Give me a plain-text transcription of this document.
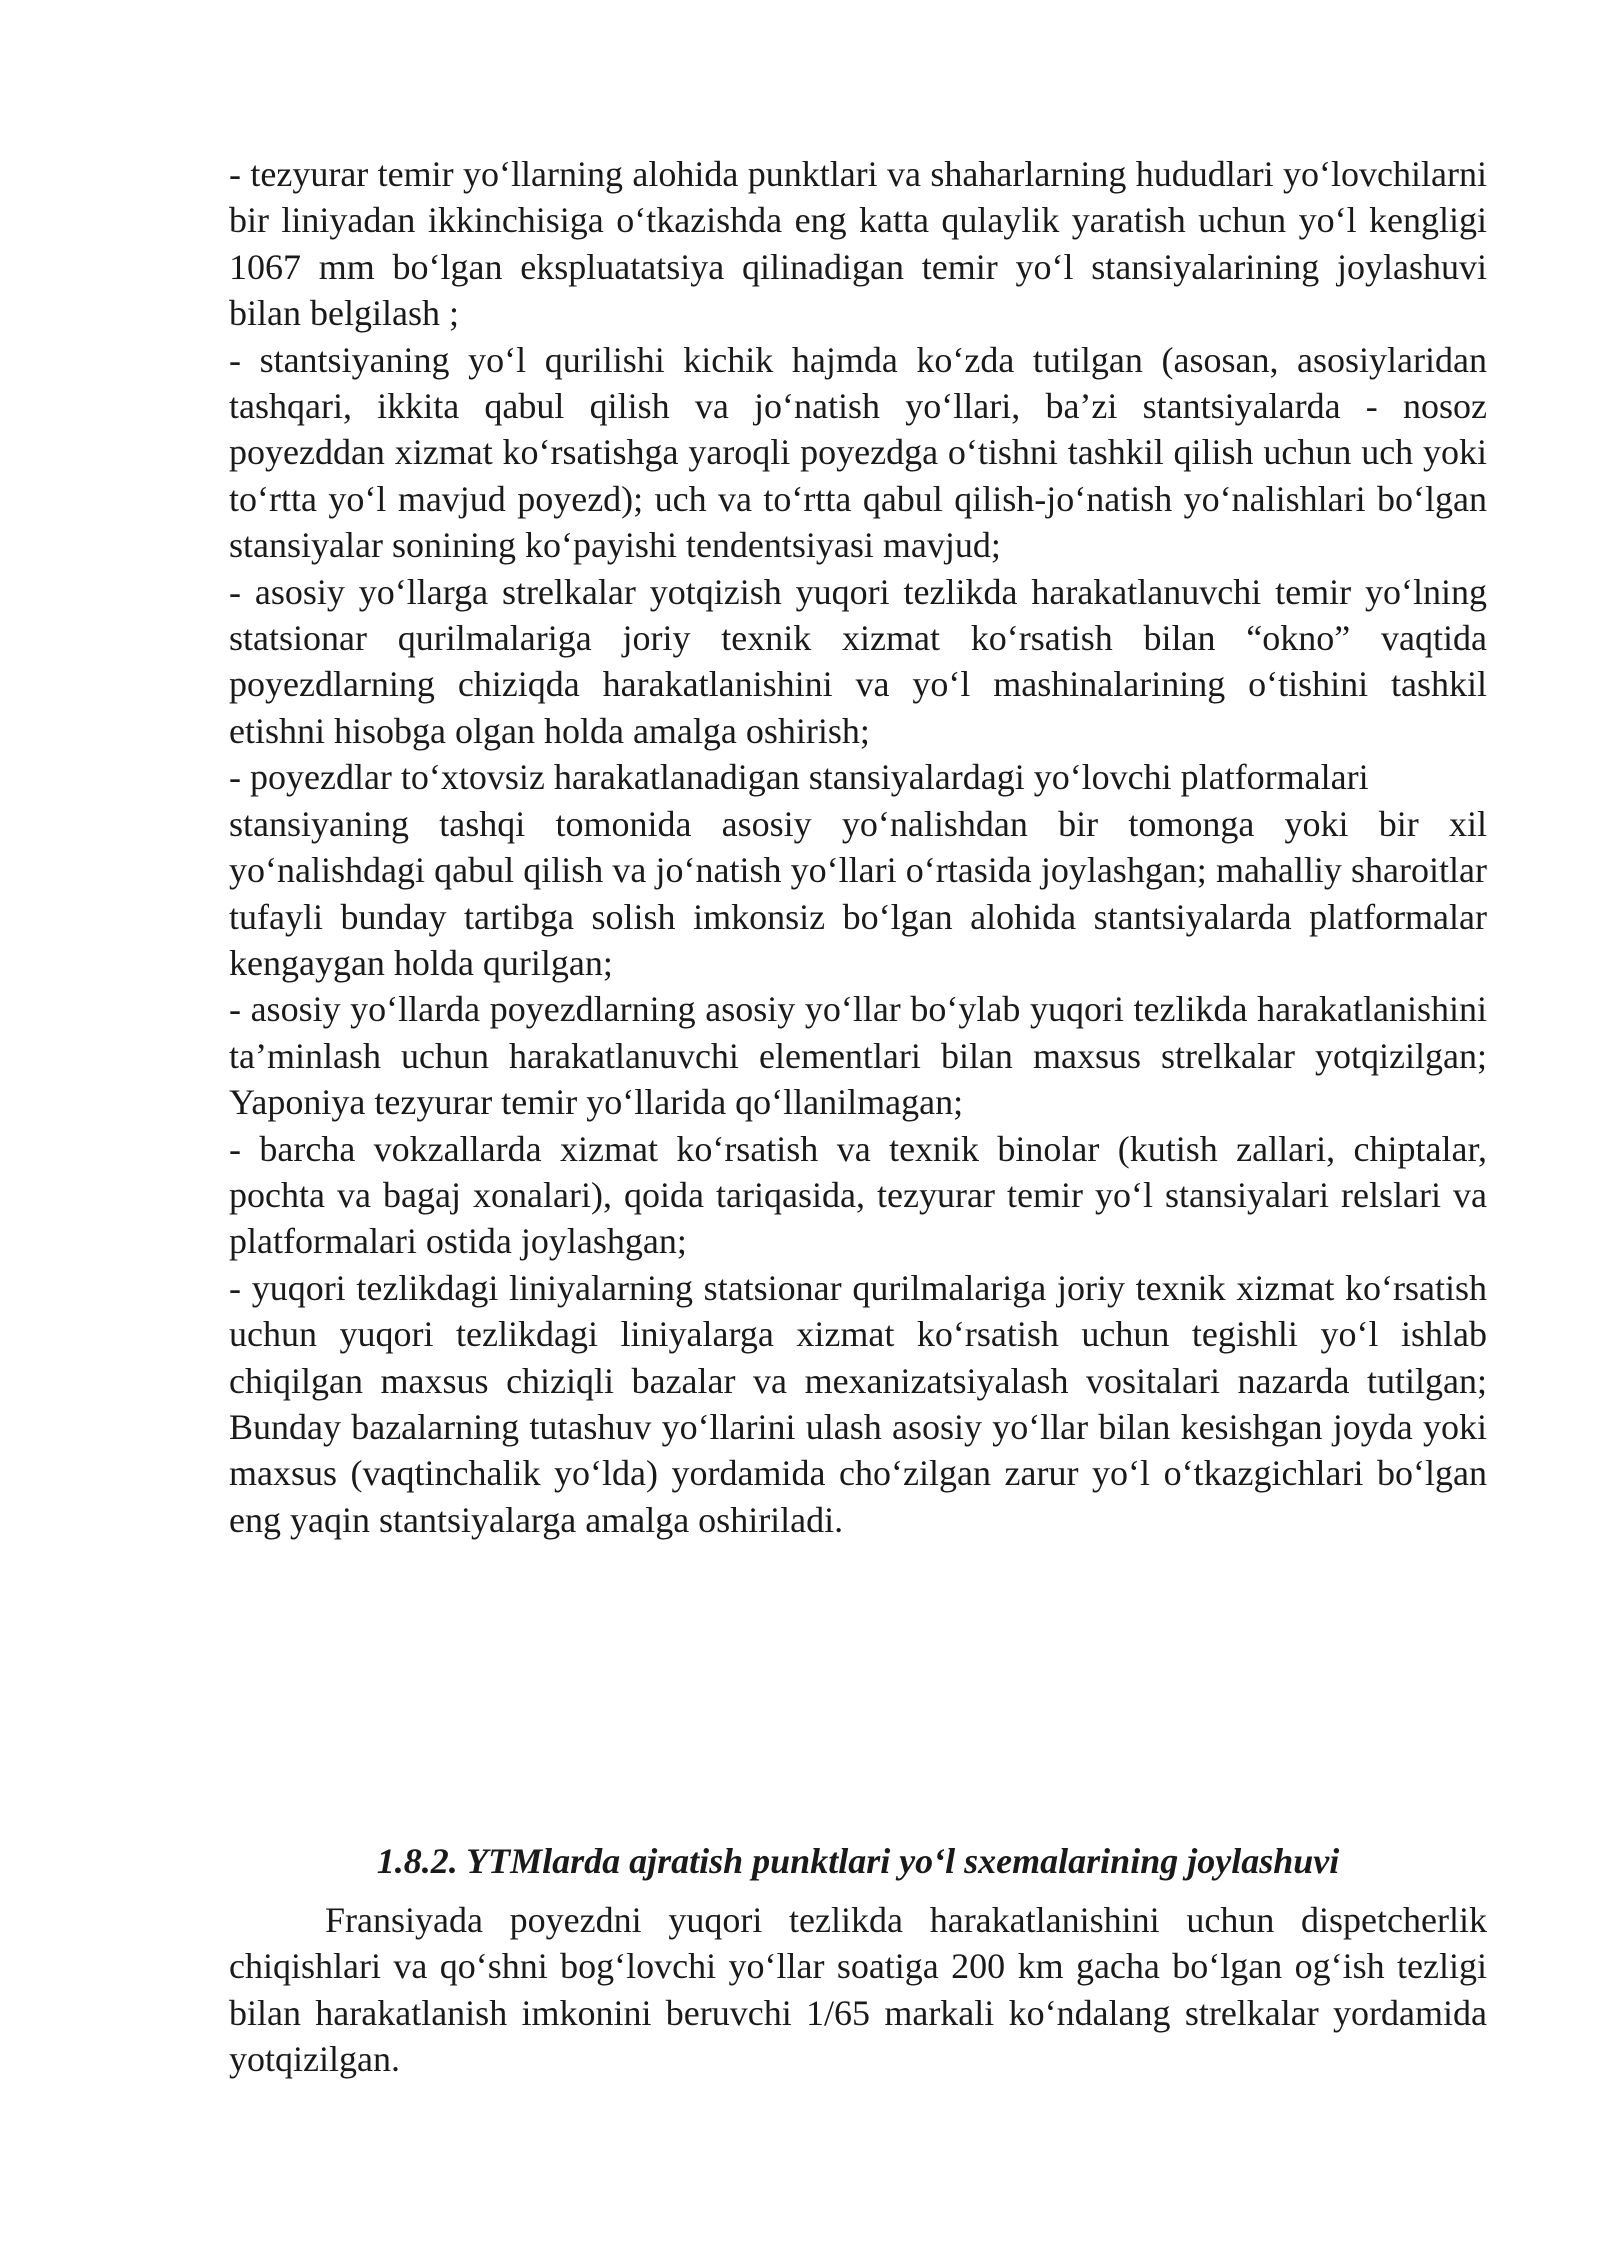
- tezyurar temir yo‘llarning alohida punktlari va shaharlarning hududlari yo‘lovchilarni bir liniyadan ikkinchisiga o‘tkazishda eng katta qulaylik yaratish uchun yo‘l kengligi 1067 mm bo‘lgan ekspluatatsiya qilinadigan temir yo‘l stansiyalarining joylashuvi bilan belgilash ;

- stantsiyaning yo‘l qurilishi kichik hajmda ko‘zda tutilgan (asosan, asosiylaridan tashqari, ikkita qabul qilish va jo‘natish yo‘llari, ba’zi stantsiyalarda - nosoz poyezddan xizmat ko‘rsatishga yaroqli poyezdga o‘tishni tashkil qilish uchun uch yoki to‘rtta yo‘l mavjud poyezd); uch va to‘rtta qabul qilish-jo‘natish yo‘nalishlari bo‘lgan stansiyalar sonining ko‘payishi tendentsiyasi mavjud;

- asosiy yo‘llarga strelkalar yotqizish yuqori tezlikda harakatlanuvchi temir yo‘lning statsionar qurilmalariga joriy texnik xizmat ko‘rsatish bilan “okno” vaqtida poyezdlarning chiziqda harakatlanishini va yo‘l mashinalarining o‘tishini tashkil etishni hisobga olgan holda amalga oshirish;

- poyezdlar to‘xtovsiz harakatlanadigan stansiyalardagi yo‘lovchi platformalari

stansiyaning tashqi tomonida asosiy yo‘nalishdan bir tomonga yoki bir xil yo‘nalishdagi qabul qilish va jo‘natish yo‘llari o‘rtasida joylashgan; mahalliy sharoitlar tufayli bunday tartibga solish imkonsiz bo‘lgan alohida stantsiyalarda platformalar kengaygan holda qurilgan;

- asosiy yo‘llarda poyezdlarning asosiy yo‘llar bo‘ylab yuqori tezlikda harakatlanishini ta’minlash uchun harakatlanuvchi elementlari bilan maxsus strelkalar yotqizilgan; Yaponiya tezyurar temir yo‘llarida qo‘llanilmagan;

- barcha vokzallarda xizmat ko‘rsatish va texnik binolar (kutish zallari, chiptalar, pochta va bagaj xonalari), qoida tariqasida, tezyurar temir yo‘l stansiyalari relslari va platformalari ostida joylashgan;

- yuqori tezlikdagi liniyalarning statsionar qurilmalariga joriy texnik xizmat ko‘rsatish uchun yuqori tezlikdagi liniyalarga xizmat ko‘rsatish uchun tegishli yo‘l ishlab chiqilgan maxsus chiziqli bazalar va mexanizatsiyalash vositalari nazarda tutilgan; Bunday bazalarning tutashuv yo‘llarini ulash asosiy yo‘llar bilan kesishgan joyda yoki maxsus (vaqtinchalik yo‘lda) yordamida cho‘zilgan zarur yo‘l o‘tkazgichlari bo‘lgan eng yaqin stantsiyalarga amalga oshiriladi.

1.8.2. YTMlarda ajratish punktlari yo‘l sxemalarining joylashuvi

Fransiyada poyezdni yuqori tezlikda harakatlanishini uchun dispetcherlik chiqishlari va qo‘shni bog‘lovchi yo‘llar soatiga 200 km gacha bo‘lgan og‘ish tezligi bilan harakatlanish imkonini beruvchi 1/65 markali ko‘ndalang strelkalar yordamida yotqizilgan.
